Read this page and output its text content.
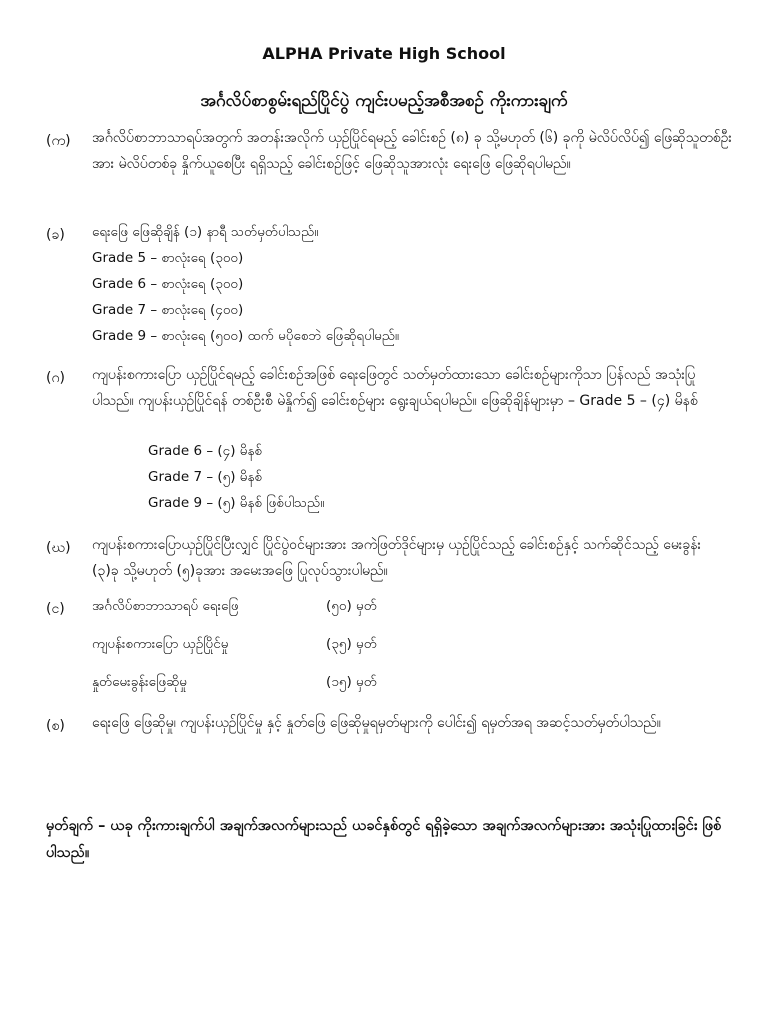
ALPHA Private High School
အင်္ဂလိပ်စာစွမ်းရည်ပြိုင်ပွဲ ကျင်းပမည့်အစီအစဉ် ကိုးကားချက်
(က) အင်္ဂလိပ်စာဘာသာရပ်အတွက် အတန်းအလိုက် ယှဉ်ပြိုင်ရမည့် ခေါင်းစဉ် (၈) ခု သို့မဟုတ် (၆) ခုကို မဲလိပ်လိပ်၍ ဖြေဆိုသူတစ်ဦးအား မဲလိပ်တစ်ခု နှိုက်ယူစေပြီး ရရှိသည့် ခေါင်းစဉ်ဖြင့် ဖြေဆိုသူအားလုံး ရေးဖြေ ဖြေဆိုရပါမည်။
(ခ) ရေးဖြေ ဖြေဆိုချိန် (၁) နာရီ သတ်မှတ်ပါသည်။
Grade 5 – စာလုံးရေ (၃၀၀)
Grade 6 – စာလုံးရေ (၃၀၀)
Grade 7 – စာလုံးရေ (၄၀၀)
Grade 9 – စာလုံးရေ (၅၀၀) ထက် မပိုစေဘဲ ဖြေဆိုရပါမည်။
(ဂ) ကျပန်းစကားပြော ယှဉ်ပြိုင်ရမည့် ခေါင်းစဉ်အဖြစ် ရေးဖြေတွင် သတ်မှတ်ထားသော ခေါင်းစဉ်များကိုသာ ပြန်လည် အသုံးပြုပါသည်။ ကျပန်းယှဉ်ပြိုင်ရန် တစ်ဦးစီ မဲနှိုက်၍ ခေါင်းစဉ်များ ရွေးချယ်ရပါမည်။ ဖြေဆိုချိန်များမှာ – Grade 5 – (၄) မိနစ်
Grade 6 – (၄) မိနစ်
Grade 7 – (၅) မိနစ်
Grade 9 – (၅) မိနစ် ဖြစ်ပါသည်။
(ဃ) ကျပန်းစကားပြောယှဉ်ပြိုင်ပြီးလျှင် ပြိုင်ပွဲဝင်များအား အကဲဖြတ်ဒိုင်များမှ ယှဉ်ပြိုင်သည့် ခေါင်းစဉ်နှင့် သက်ဆိုင်သည့် မေးခွန်း (၃)ခု သို့မဟုတ် (၅)ခုအား အမေးအဖြေ ပြုလုပ်သွားပါမည်။
(င) အင်္ဂလိပ်စာဘာသာရပ် ရေးဖြေ	(၅၀) မှတ်
ကျပန်းစကားပြော ယှဉ်ပြိုင်မှု	(၃၅) မှတ်
နှုတ်မေးခွန်းဖြေဆိုမှု	(၁၅) မှတ်
(စ) ရေးဖြေ ဖြေဆိုမှု၊ ကျပန်းယှဉ်ပြိုင်မှု နှင့် နှုတ်ဖြေ ဖြေဆိုမှုရမှတ်များကို ပေါင်း၍ ရမှတ်အရ အဆင့်သတ်မှတ်ပါသည်။
မှတ်ချက် – ယခု ကိုးကားချက်ပါ အချက်အလက်များသည် ယခင်နှစ်တွင် ရရှိခဲ့သော အချက်အလက်များအား အသုံးပြုထားခြင်း ဖြစ်ပါသည်။
